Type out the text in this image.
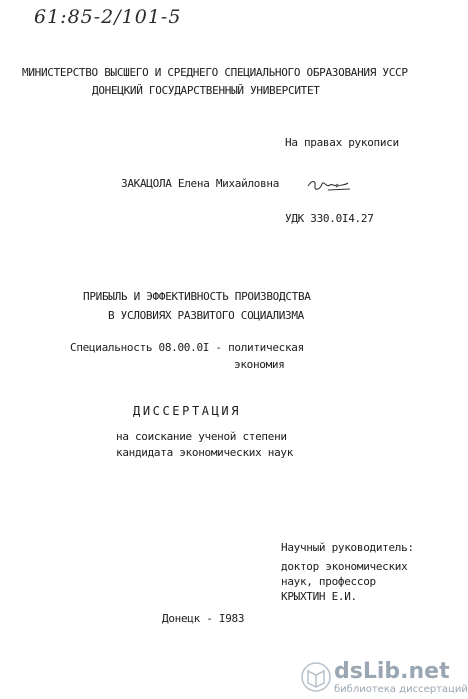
61:85-2/101-5
МИНИСТЕРСТВО ВЫСШЕГО И СРЕДНЕГО СПЕЦИАЛЬНОГО ОБРАЗОВАНИЯ УССР
ДОНЕЦКИЙ ГОСУДАРСТВЕННЫЙ УНИВЕРСИТЕТ
На правах рукописи
ЗАКАЦОЛА Елена Михайловна
УДК 330.0I4.27
ПРИБЫЛЬ И ЭФФЕКТИВНОСТЬ ПРОИЗВОДСТВА
В УСЛОВИЯХ РАЗВИТОГО СОЦИАЛИЗМА
Специальность 08.00.0I - политическая
экономия
ДИССЕРТАЦИЯ
на соискание ученой степени
кандидата экономических наук
Научный руководитель:
доктор экономических
наук, профессор
КРЫХТИН Е.И.
Донецк - I983
dsLib.net
библиотека диссертаций
